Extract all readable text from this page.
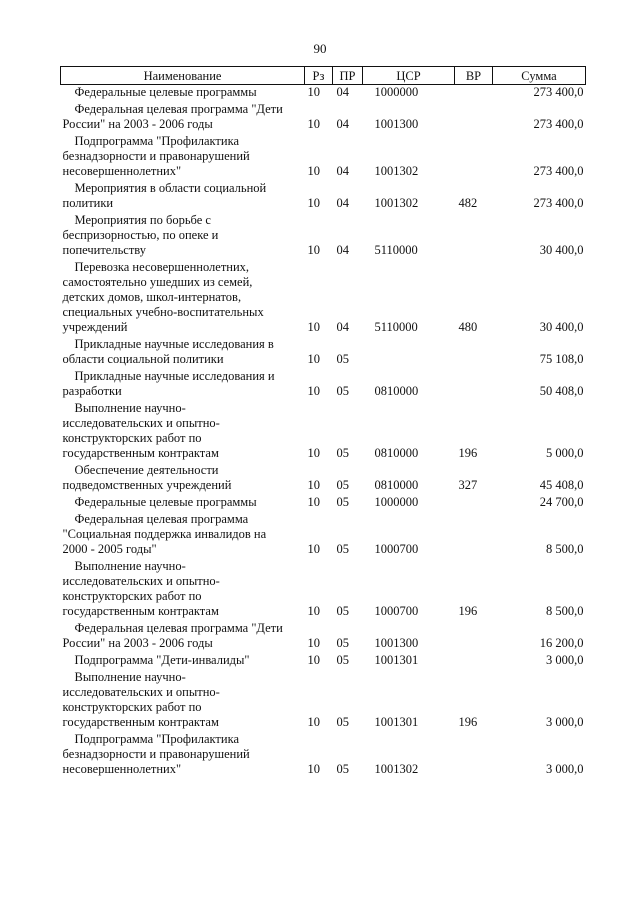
90
Наименование	Рз	ПР	ЦСР	ВР	Сумма
Федеральные целевые программы	10	04	1000000		273 400,0
Федеральная целевая программа "Дети
России" на 2003 - 2006 годы	10	04	1001300		273 400,0
Подпрограмма "Профилактика
безнадзорности и правонарушений
несовершеннолетних"	10	04	1001302		273 400,0
Мероприятия в области социальной
политики	10	04	1001302	482	273 400,0
Мероприятия по борьбе с
беспризорностью, по опеке и
попечительству	10	04	5110000		30 400,0
Перевозка несовершеннолетних,
самостоятельно ушедших из семей,
детских домов, школ-интернатов,
специальных учебно-воспитательных
учреждений	10	04	5110000	480	30 400,0
Прикладные научные исследования в
области социальной политики	10	05			75 108,0
Прикладные научные исследования и
разработки	10	05	0810000		50 408,0
Выполнение научно-
исследовательских и опытно-
конструкторских работ по
государственным контрактам	10	05	0810000	196	5 000,0
Обеспечение деятельности
подведомственных учреждений	10	05	0810000	327	45 408,0
Федеральные целевые программы	10	05	1000000		24 700,0
Федеральная целевая программа
"Социальная поддержка инвалидов на
2000 - 2005 годы"	10	05	1000700		8 500,0
Выполнение научно-
исследовательских и опытно-
конструкторских работ по
государственным контрактам	10	05	1000700	196	8 500,0
Федеральная целевая программа "Дети
России" на 2003 - 2006 годы	10	05	1001300		16 200,0
Подпрограмма "Дети-инвалиды"	10	05	1001301		3 000,0
Выполнение научно-
исследовательских и опытно-
конструкторских работ по
государственным контрактам	10	05	1001301	196	3 000,0
Подпрограмма "Профилактика
безнадзорности и правонарушений
несовершеннолетних"	10	05	1001302		3 000,0
